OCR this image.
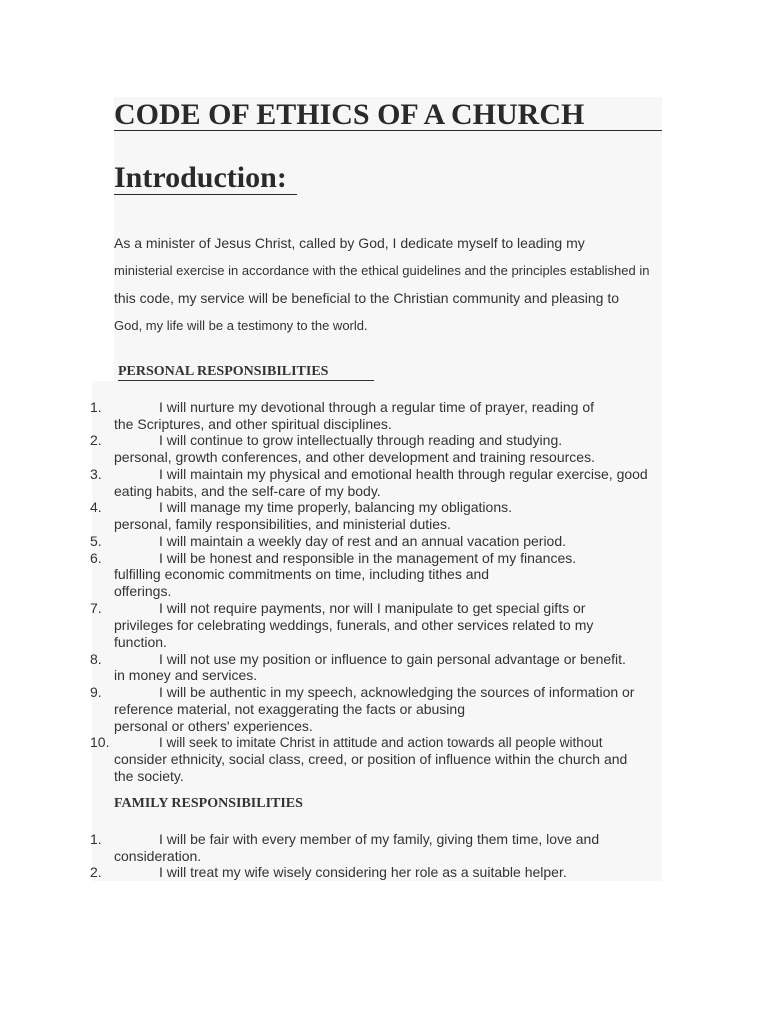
CODE OF ETHICS OF A CHURCH
Introduction:

As a minister of Jesus Christ, called by God, I dedicate myself to leading my

ministerial exercise in accordance with the ethical guidelines and the principles established in

this code, my service will be beneficial to the Christian community and pleasing to

God, my life will be a testimony to the world.

PERSONAL RESPONSIBILITIES
1.	I will nurture my devotional through a regular time of prayer, reading of
the Scriptures, and other spiritual disciplines.
2.	I will continue to grow intellectually through reading and studying.
personal, growth conferences, and other development and training resources.
3.	I will maintain my physical and emotional health through regular exercise, good
eating habits, and the self-care of my body.
4.	I will manage my time properly, balancing my obligations.
personal, family responsibilities, and ministerial duties.
5.	I will maintain a weekly day of rest and an annual vacation period.
6.	I will be honest and responsible in the management of my finances.
fulfilling economic commitments on time, including tithes and
offerings.
7.	I will not require payments, nor will I manipulate to get special gifts or
privileges for celebrating weddings, funerals, and other services related to my
function.
8.	I will not use my position or influence to gain personal advantage or benefit.
in money and services.
9.	I will be authentic in my speech, acknowledging the sources of information or
reference material, not exaggerating the facts or abusing
personal or others' experiences.
10.	I will seek to imitate Christ in attitude and action towards all people without
consider ethnicity, social class, creed, or position of influence within the church and
the society.
FAMILY RESPONSIBILITIES
1.	I will be fair with every member of my family, giving them time, love and
consideration.
2.	I will treat my wife wisely considering her role as a suitable helper.
